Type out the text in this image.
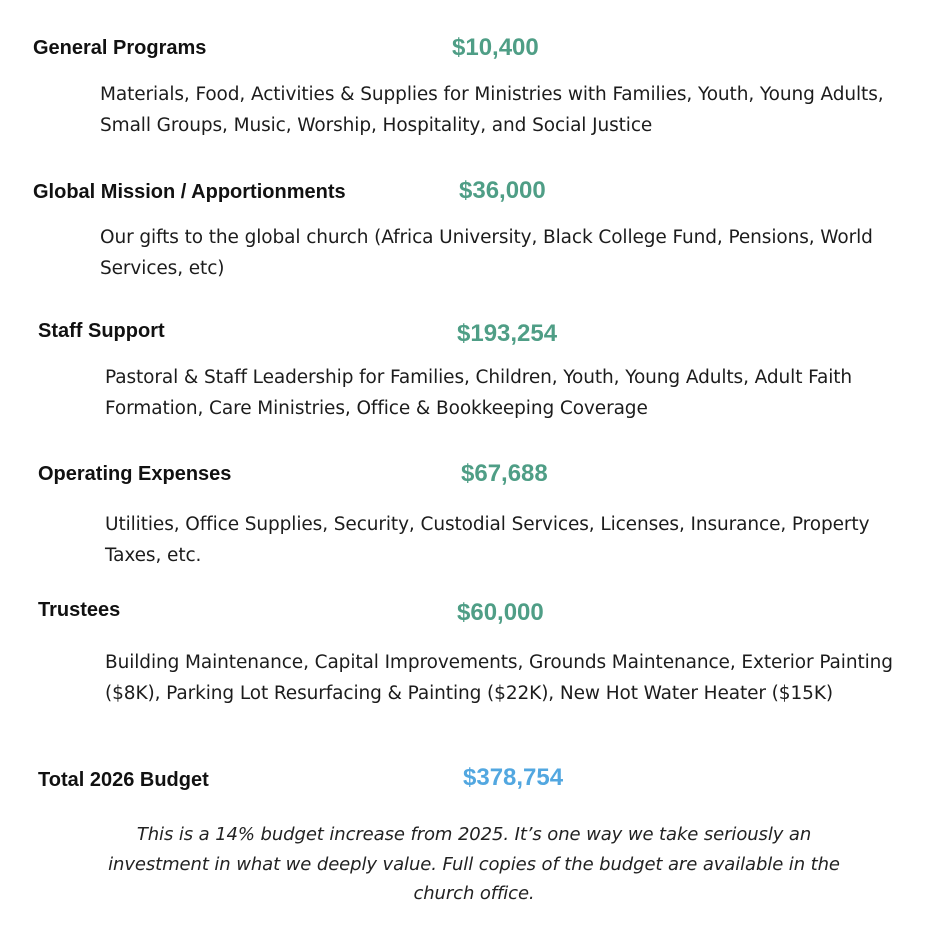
General Programs	$10,400
Materials, Food, Activities & Supplies for Ministries with Families, Youth, Young Adults, Small Groups, Music, Worship, Hospitality, and Social Justice
Global Mission / Apportionments	$36,000
Our gifts to the global church (Africa University, Black College Fund, Pensions, World Services, etc)
Staff Support	$193,254
Pastoral & Staff Leadership for Families, Children, Youth, Young Adults, Adult Faith Formation, Care Ministries, Office & Bookkeeping Coverage
Operating Expenses	$67,688
Utilities, Office Supplies, Security, Custodial Services, Licenses, Insurance, Property Taxes, etc.
Trustees	$60,000
Building Maintenance, Capital Improvements, Grounds Maintenance, Exterior Painting ($8K), Parking Lot Resurfacing & Painting ($22K), New Hot Water Heater ($15K)
Total 2026 Budget	$378,754
This is a 14% budget increase from 2025. It’s one way we take seriously an investment in what we deeply value. Full copies of the budget are available in the church office.
